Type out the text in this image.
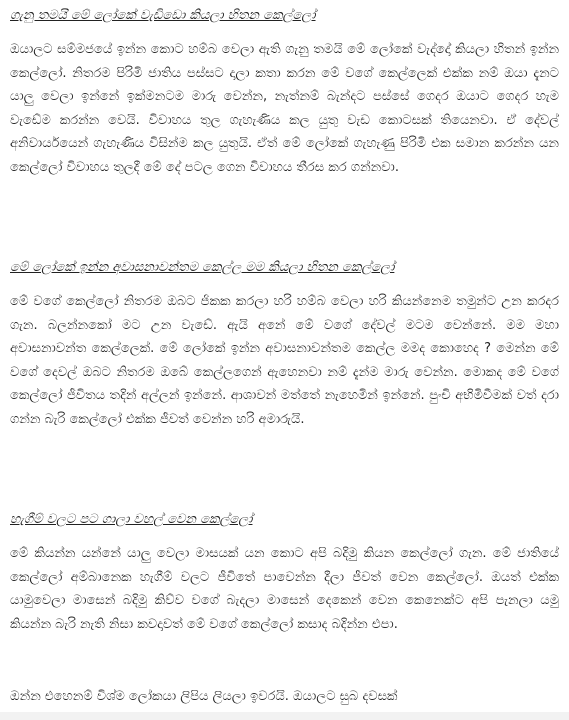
ගැනු තමයි මේ ලෝකේ වැඩිඩො කියලා හිතන කෙල්ලෝ

ඔයාලට සම්මජයේ ඉන්න කොට හම්බ වෙලා ඇති ගැනු තමයි මේ ලෝකේ වැද්දෝ කියලා හිතන් ඉන්න කෙල්ලෝ. නිතරම පිරිමි ජාතිය පස්සට දාලා කතා කරන මේ වගේ කෙල්ලෙක් එක්ක නම් ඔයා දැනට යාලු වෙලා ඉන්නේ ඉක්මනටම මාරු වෙන්න, නැත්නම් බැන්දට පස්සේ ගෙදර ඔයාට ගෙදර හැම වැඩේම කරන්න වෙයි. විවාහය තුල ගැහැණිය කල යුතු වැඩ කොටසක් තියෙනවා. ඒ දේවල් අනිවාර්යයෙන් ගැහැණිය විසින්ම කල යුතුයි. ඒත් මේ ලෝකේ ගැහැණු පිරිමි එක සමාන කරන්න යන කෙල්ලෝ විවාහය තුලදී මේ දේ පටල ගෙන විවාහය තීරස කර ගන්නවා.

මේ ලෝකේ ඉන්න අවාසනාවන්තම කෙල්ල මම කියලා හිතන කෙල්ලෝ

මේ වගේ කෙල්ලෝ නිතරම ඔබට ජිකක කරලා හරි හම්බ වෙලා හරි කියන්නෙම තමුන්ට උන කරදර ගැන. බලන්නකෝ මට උන වැඩේ. ඇයි අනේ මේ වගේ දේවල් මටම වෙන්නේ. මම මහා අවාසනාවන්ත කෙල්ලෙක්. මේ ලෝකේ ඉන්න අවාසනාවන්තම කෙල්ල මමද කොහෙද ? මෙන්න මේ වගේ දෙවල් ඔබට නිතරම ඔබේ කෙල්ලගෙන් ඇහෙනවා නම් දැන්ම මාරු වෙන්න. මොකද මේ වගේ කෙල්ලෝ ජීවිතය තදින් අල්ලන් ඉන්නේ. ආශාවන් මත්තේ නැහෙමින් ඉන්නේ. පුංචි අභිමිවීමක් වත් දරා ගන්න බැරි කෙල්ලෝ එක්ක ජීවත් වෙන්න හරි අමාරුයි.

හැගීම් වලට පට ගාලා වහල් වෙන කෙල්ලෝ

මේ කියන්න යන්නේ යාලු වෙලා මාසයක් යන කොට අපි බදිමු කියන කෙල්ලෝ ගැන. මේ ජාතියේ කෙල්ලෝ අම්බානෙක හැගීම් වලට ජීවිතේ පාවෙන්න දීලා ජීවත් වෙන කෙල්ලෝ. ඔයත් එක්ක යාමුවෙලා මාසෙන් බදිමු කිව්ව වගේ බැදලා මාසෙන් දෙකෙන් වෙන කෙනෙක්ට අපි පැනලා යමු කියන්න බැරි නැති නිසා කවදාවත් මේ වගේ කෙල්ලෝ කසාද බදින්න එපා.

ඔන්න එහෙනම් විශ්ම ලෝකයා ලිපිය ලියලා ඉවරයි. ඔයාලට සුබ දවසක්
